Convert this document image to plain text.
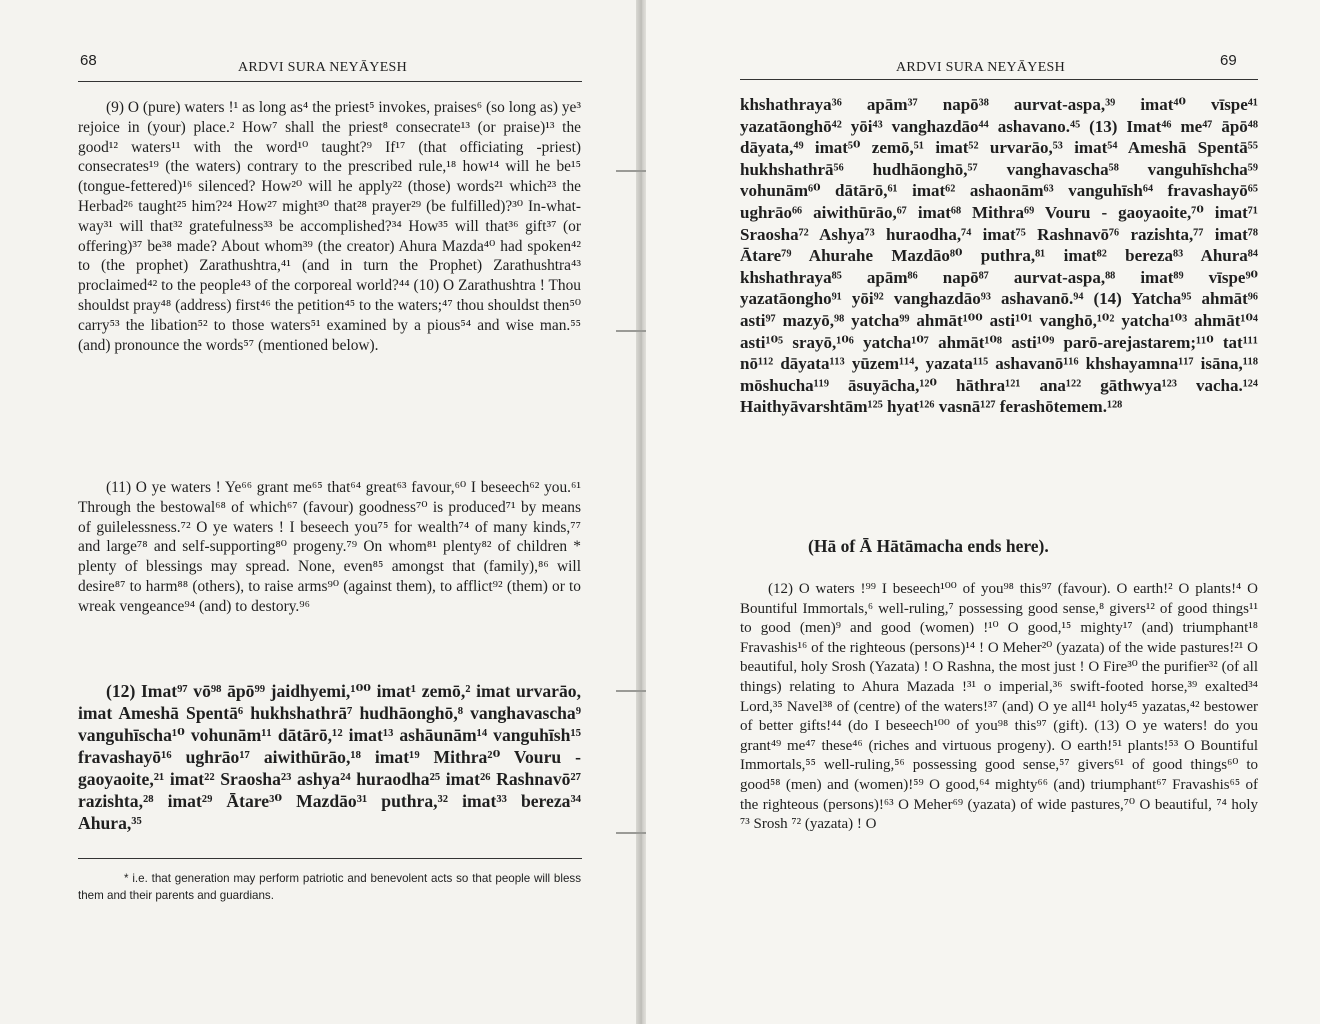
68	ARDVI SURA NEYĀYESH

(9) O (pure) waters !¹ as long as⁴ the priest⁵ invokes, praises⁶ (so long as) ye³ rejoice in (your) place.² How⁷ shall the priest⁸ consecrate¹³ (or praise)¹³ the good¹² waters¹¹ with the word¹⁰ taught?⁹ If¹⁷ (that officiating -priest) consecrates¹⁹ (the waters) contrary to the prescribed rule,¹⁸ how¹⁴ will he be¹⁵ (tongue-fettered)¹⁶ silenced? How²⁰ will he apply²² (those) words²¹ which²³ the Herbad²⁶ taught²⁵ him?²⁴ How²⁷ might³⁰ that²⁸ prayer²⁹ (be fulfilled)?³⁰ In-what-way³¹ will that³² gratefulness³³ be accomplished?³⁴ How³⁵ will that³⁶ gift³⁷ (or offering)³⁷ be³⁸ made? About whom³⁹ (the creator) Ahura Mazda⁴⁰ had spoken⁴² to (the prophet) Zarathushtra,⁴¹ (and in turn the Prophet) Zarathushtra⁴³ proclaimed⁴² to the people⁴³ of the corporeal world?⁴⁴ (10) O Zarathushtra ! Thou shouldst pray⁴⁸ (address) first⁴⁶ the petition⁴⁵ to the waters;⁴⁷ thou shouldst then⁵⁰ carry⁵³ the libation⁵² to those waters⁵¹ examined by a pious⁵⁴ and wise man.⁵⁵ (and) pronounce the words⁵⁷ (mentioned below).

(11) O ye waters ! Ye⁶⁶ grant me⁶⁵ that⁶⁴ great⁶³ favour,⁶⁰ I beseech⁶² you.⁶¹ Through the bestowal⁶⁸ of which⁶⁷ (favour) goodness⁷⁰ is produced⁷¹ by means of guilelessness.⁷² O ye waters ! I beseech you⁷⁵ for wealth⁷⁴ of many kinds,⁷⁷ and large⁷⁸ and self-supporting⁸⁰ progeny.⁷⁹ On whom⁸¹ plenty⁸² of children * plenty of blessings may spread. None, even⁸⁵ amongst that (family),⁸⁶ will desire⁸⁷ to harm⁸⁸ (others), to raise arms⁹⁰ (against them), to afflict⁹² (them) or to wreak vengeance⁹⁴ (and) to destory.⁹⁶

(12) Imat⁹⁷ vō⁹⁸ āpō⁹⁹ jaidhyemi,¹⁰⁰ imat¹ zemō,² imat urvarāo, imat Ameshā Spentā⁶ hukhshathrā⁷ hudhāonghō,⁸ vanghavascha⁹ vanguhīscha¹⁰ vohunām¹¹ dātārō,¹² imat¹³ ashāunām¹⁴ vanguhīsh¹⁵ fravashayō¹⁶ ughrāo¹⁷ aiwithūrāo,¹⁸ imat¹⁹ Mithra²⁰ Vouru - gaoyaoite,²¹ imat²² Sraosha²³ ashya²⁴ huraodha²⁵ imat²⁶ Rashnavō²⁷ razishta,²⁸ imat²⁹ Ātare³⁰ Mazdāo³¹ puthra,³² imat³³ bereza³⁴ Ahura,³⁵

* i.e. that generation may perform patriotic and benevolent acts so that people will bless them and their parents and guardians.

69
ARDVI SURA NEYĀYESH

khshathraya³⁶ apām³⁷ napō³⁸ aurvat-aspa,³⁹ imat⁴⁰ vīspe⁴¹ yazatāonghō⁴² yōi⁴³ vanghazdāo⁴⁴ ashavano.⁴⁵ (13) Imat⁴⁶ me⁴⁷ āpō⁴⁸ dāyata,⁴⁹ imat⁵⁰ zemō,⁵¹ imat⁵² urvarāo,⁵³ imat⁵⁴ Ameshā Spentā⁵⁵ hukhshathrā⁵⁶ hudhāonghō,⁵⁷ vanghavascha⁵⁸ vanguhīshcha⁵⁹ vohunām⁶⁰ dātārō,⁶¹ imat⁶² ashaonām⁶³ vanguhīsh⁶⁴ fravashayō⁶⁵ ughrāo⁶⁶ aiwithūrāo,⁶⁷ imat⁶⁸ Mithra⁶⁹ Vouru - gaoyaoite,⁷⁰ imat⁷¹ Sraosha⁷² Ashya⁷³ huraodha,⁷⁴ imat⁷⁵ Rashnavō⁷⁶ razishta,⁷⁷ imat⁷⁸ Ātare⁷⁹ Ahurahe Mazdāo⁸⁰ puthra,⁸¹ imat⁸² bereza⁸³ Ahura⁸⁴ khshathraya⁸⁵ apām⁸⁶ napō⁸⁷ aurvat-aspa,⁸⁸ imat⁸⁹ vīspe⁹⁰ yazatāongho⁹¹ yōi⁹² vanghazdāo⁹³ ashavanō.⁹⁴ (14) Yatcha⁹⁵ ahmāt⁹⁶ asti⁹⁷ mazyō,⁹⁸ yatcha⁹⁹ ahmāt¹⁰⁰ asti¹⁰¹ vanghō,¹⁰² yatcha¹⁰³ ahmāt¹⁰⁴ asti¹⁰⁵ srayō,¹⁰⁶ yatcha¹⁰⁷ ahmāt¹⁰⁸ asti¹⁰⁹ parō-arejastarem;¹¹⁰ tat¹¹¹ nō¹¹² dāyata¹¹³ yūzem¹¹⁴, yazata¹¹⁵ ashavanō¹¹⁶ khshayamna¹¹⁷ isāna,¹¹⁸ mōshucha¹¹⁹ āsuyācha,¹²⁰ hāthra¹²¹ ana¹²² gāthwya¹²³ vacha.¹²⁴ Haithyāvarshtām¹²⁵ hyat¹²⁶ vasnā¹²⁷ ferashōtemem.¹²⁸

(Hā of Ā Hātāmacha ends here).

(12) O waters !⁹⁹ I beseech¹⁰⁰ of you⁹⁸ this⁹⁷ (favour). O earth!² O plants!⁴ O Bountiful Immortals,⁶ well-ruling,⁷ possessing good sense,⁸ givers¹² of good things¹¹ to good (men)⁹ and good (women) !¹⁰ O good,¹⁵ mighty¹⁷ (and) triumphant¹⁸ Fravashis¹⁶ of the righteous (persons)¹⁴ ! O Meher²⁰ (yazata) of the wide pastures!²¹ O beautiful, holy Srosh (Yazata) ! O Rashna, the most just ! O Fire³⁰ the purifier³² (of all things) relating to Ahura Mazada !³¹ o imperial,³⁶ swift-footed horse,³⁹ exalted³⁴ Lord,³⁵ Navel³⁸ of (centre) of the waters!³⁷ (and) O ye all⁴¹ holy⁴⁵ yazatas,⁴² bestower of better gifts!⁴⁴ (do I beseech¹⁰⁰ of you⁹⁸ this⁹⁷ (gift). (13) O ye waters! do you grant⁴⁹ me⁴⁷ these⁴⁶ (riches and virtuous progeny). O earth!⁵¹ plants!⁵³ O Bountiful Immortals,⁵⁵ well-ruling,⁵⁶ possessing good sense,⁵⁷ givers⁶¹ of good things⁶⁰ to good⁵⁸ (men) and (women)!⁵⁹ O good,⁶⁴ mighty⁶⁶ (and) triumphant⁶⁷ Fravashis⁶⁵ of the righteous (persons)!⁶³ O Meher⁶⁹ (yazata) of wide pastures,⁷⁰ O beautiful, ⁷⁴ holy ⁷³ Srosh ⁷² (yazata) ! O
